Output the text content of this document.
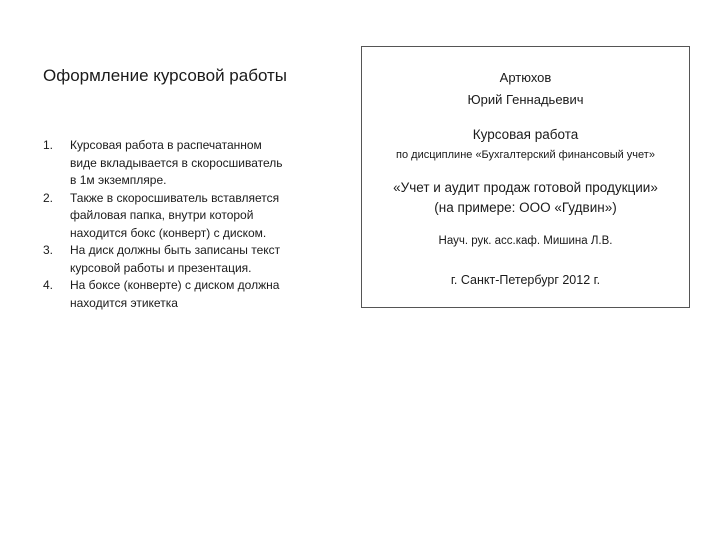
Оформление курсовой работы
1. Курсовая работа в распечатанном виде вкладывается в скоросшиватель в 1м экземпляре.
2. Также в скоросшиватель вставляется файловая папка, внутри которой находится бокс (конверт) с диском.
3. На диск должны быть записаны текст курсовой работы и презентация.
4. На боксе (конверте) с диском должна находится этикетка
Артюхов
Юрий Геннадьевич
Курсовая работа
по дисциплине «Бухгалтерский финансовый учет»
«Учет и аудит продаж готовой продукции»
(на примере: ООО «Гудвин»)
Науч. рук. асс.каф. Мишина Л.В.
г. Санкт-Петербург 2012 г.
